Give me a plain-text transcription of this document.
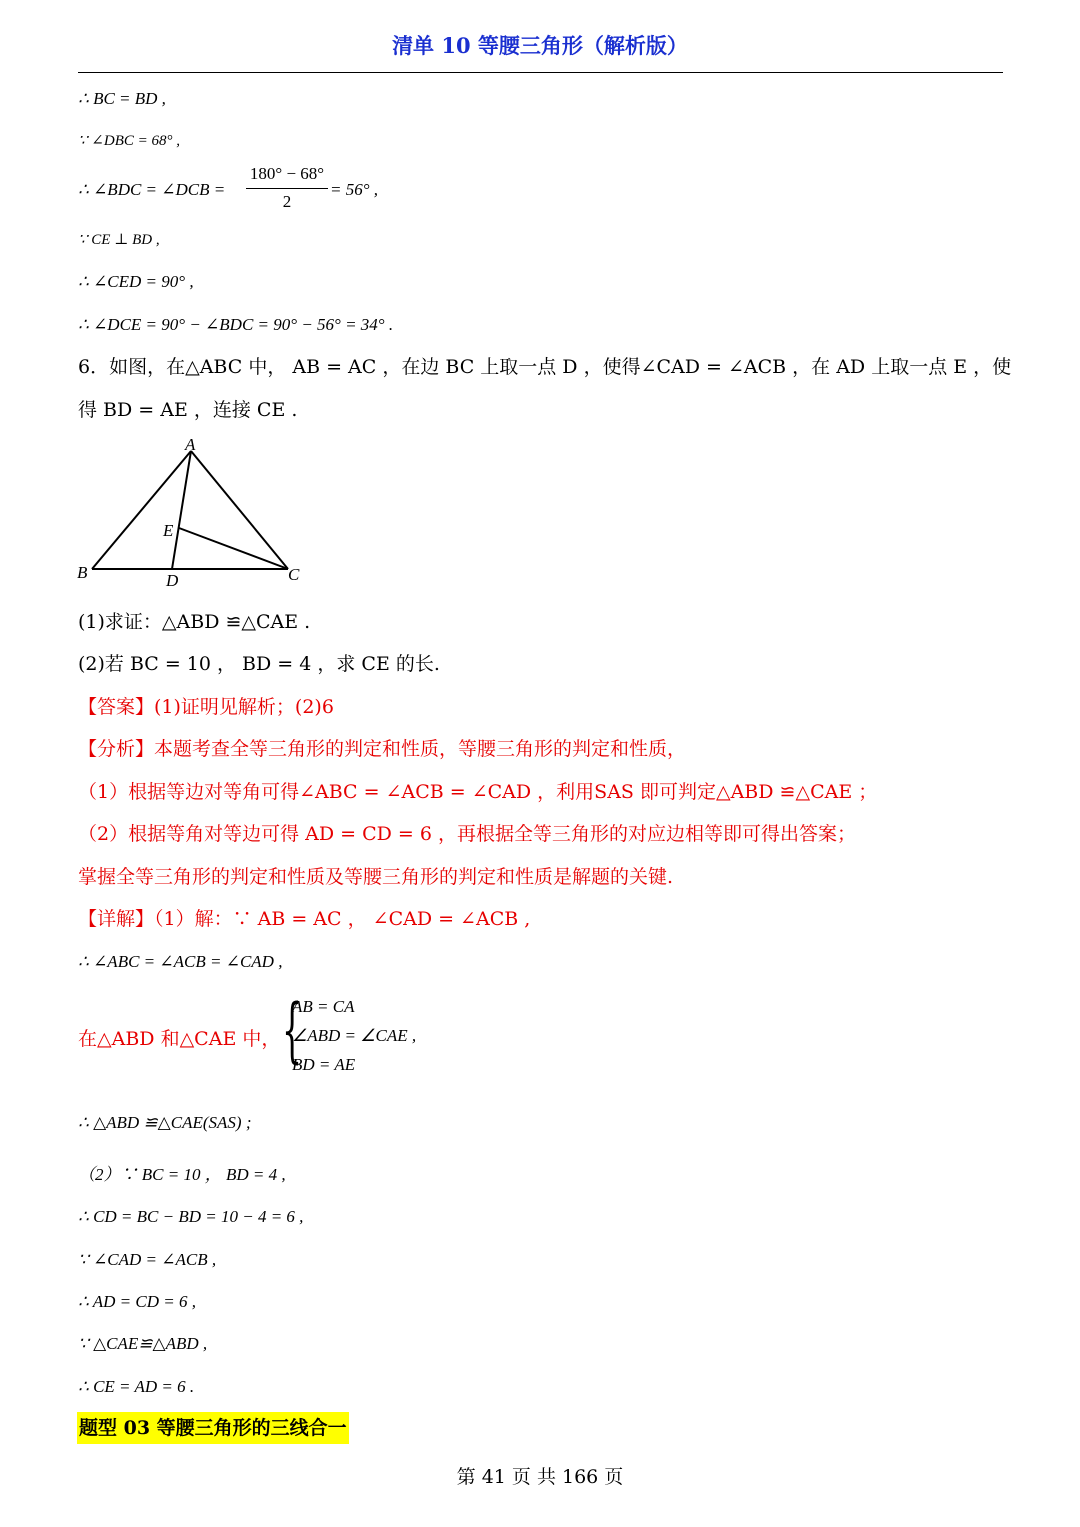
清单 10 等腰三角形（解析版）
∴ BC = BD ,
∵ ∠DBC = 68° ,
∴ ∠BDC = ∠DCB =
180° − 68°
2
= 56° ,
∵ CE ⊥ BD ,
∴ ∠CED = 90° ,
∴ ∠DCE = 90° − ∠BDC = 90° − 56° = 34° .
6．如图，在△ABC 中， AB = AC ，在边 BC 上取一点 D ，使得∠CAD = ∠ACB ，在 AD 上取一点 E ，使
得 BD = AE ，连接 CE .
A
B	C
D
E
(1)求证：△ABD ≌△CAE .
(2)若 BC = 10 ， BD = 4 ，求 CE 的长.
【答案】(1)证明见解析；(2)6
【分析】本题考查全等三角形的判定和性质，等腰三角形的判定和性质，
（1）根据等边对等角可得∠ABC = ∠ACB = ∠CAD ，利用SAS 即可判定△ABD ≌△CAE ；
（2）根据等角对等边可得 AD = CD = 6 ，再根据全等三角形的对应边相等即可得出答案；
掌握全等三角形的判定和性质及等腰三角形的判定和性质是解题的关键.
【详解】（1）解：∵ AB = AC ， ∠CAD = ∠ACB ,
∴ ∠ABC = ∠ACB = ∠CAD ,
在△ABD 和△CAE 中， {
AB = CA
∠ABD = ∠CAE ,
BD = AE
∴ △ABD ≌△CAE(SAS) ;
（2）∵ BC = 10 ， BD = 4 ,
∴ CD = BC − BD = 10 − 4 = 6 ,
∵ ∠CAD = ∠ACB ,
∴ AD = CD = 6 ,
∵ △CAE≌△ABD ,
∴ CE = AD = 6 .
题型 03 等腰三角形的三线合一
第 41 页 共 166 页
